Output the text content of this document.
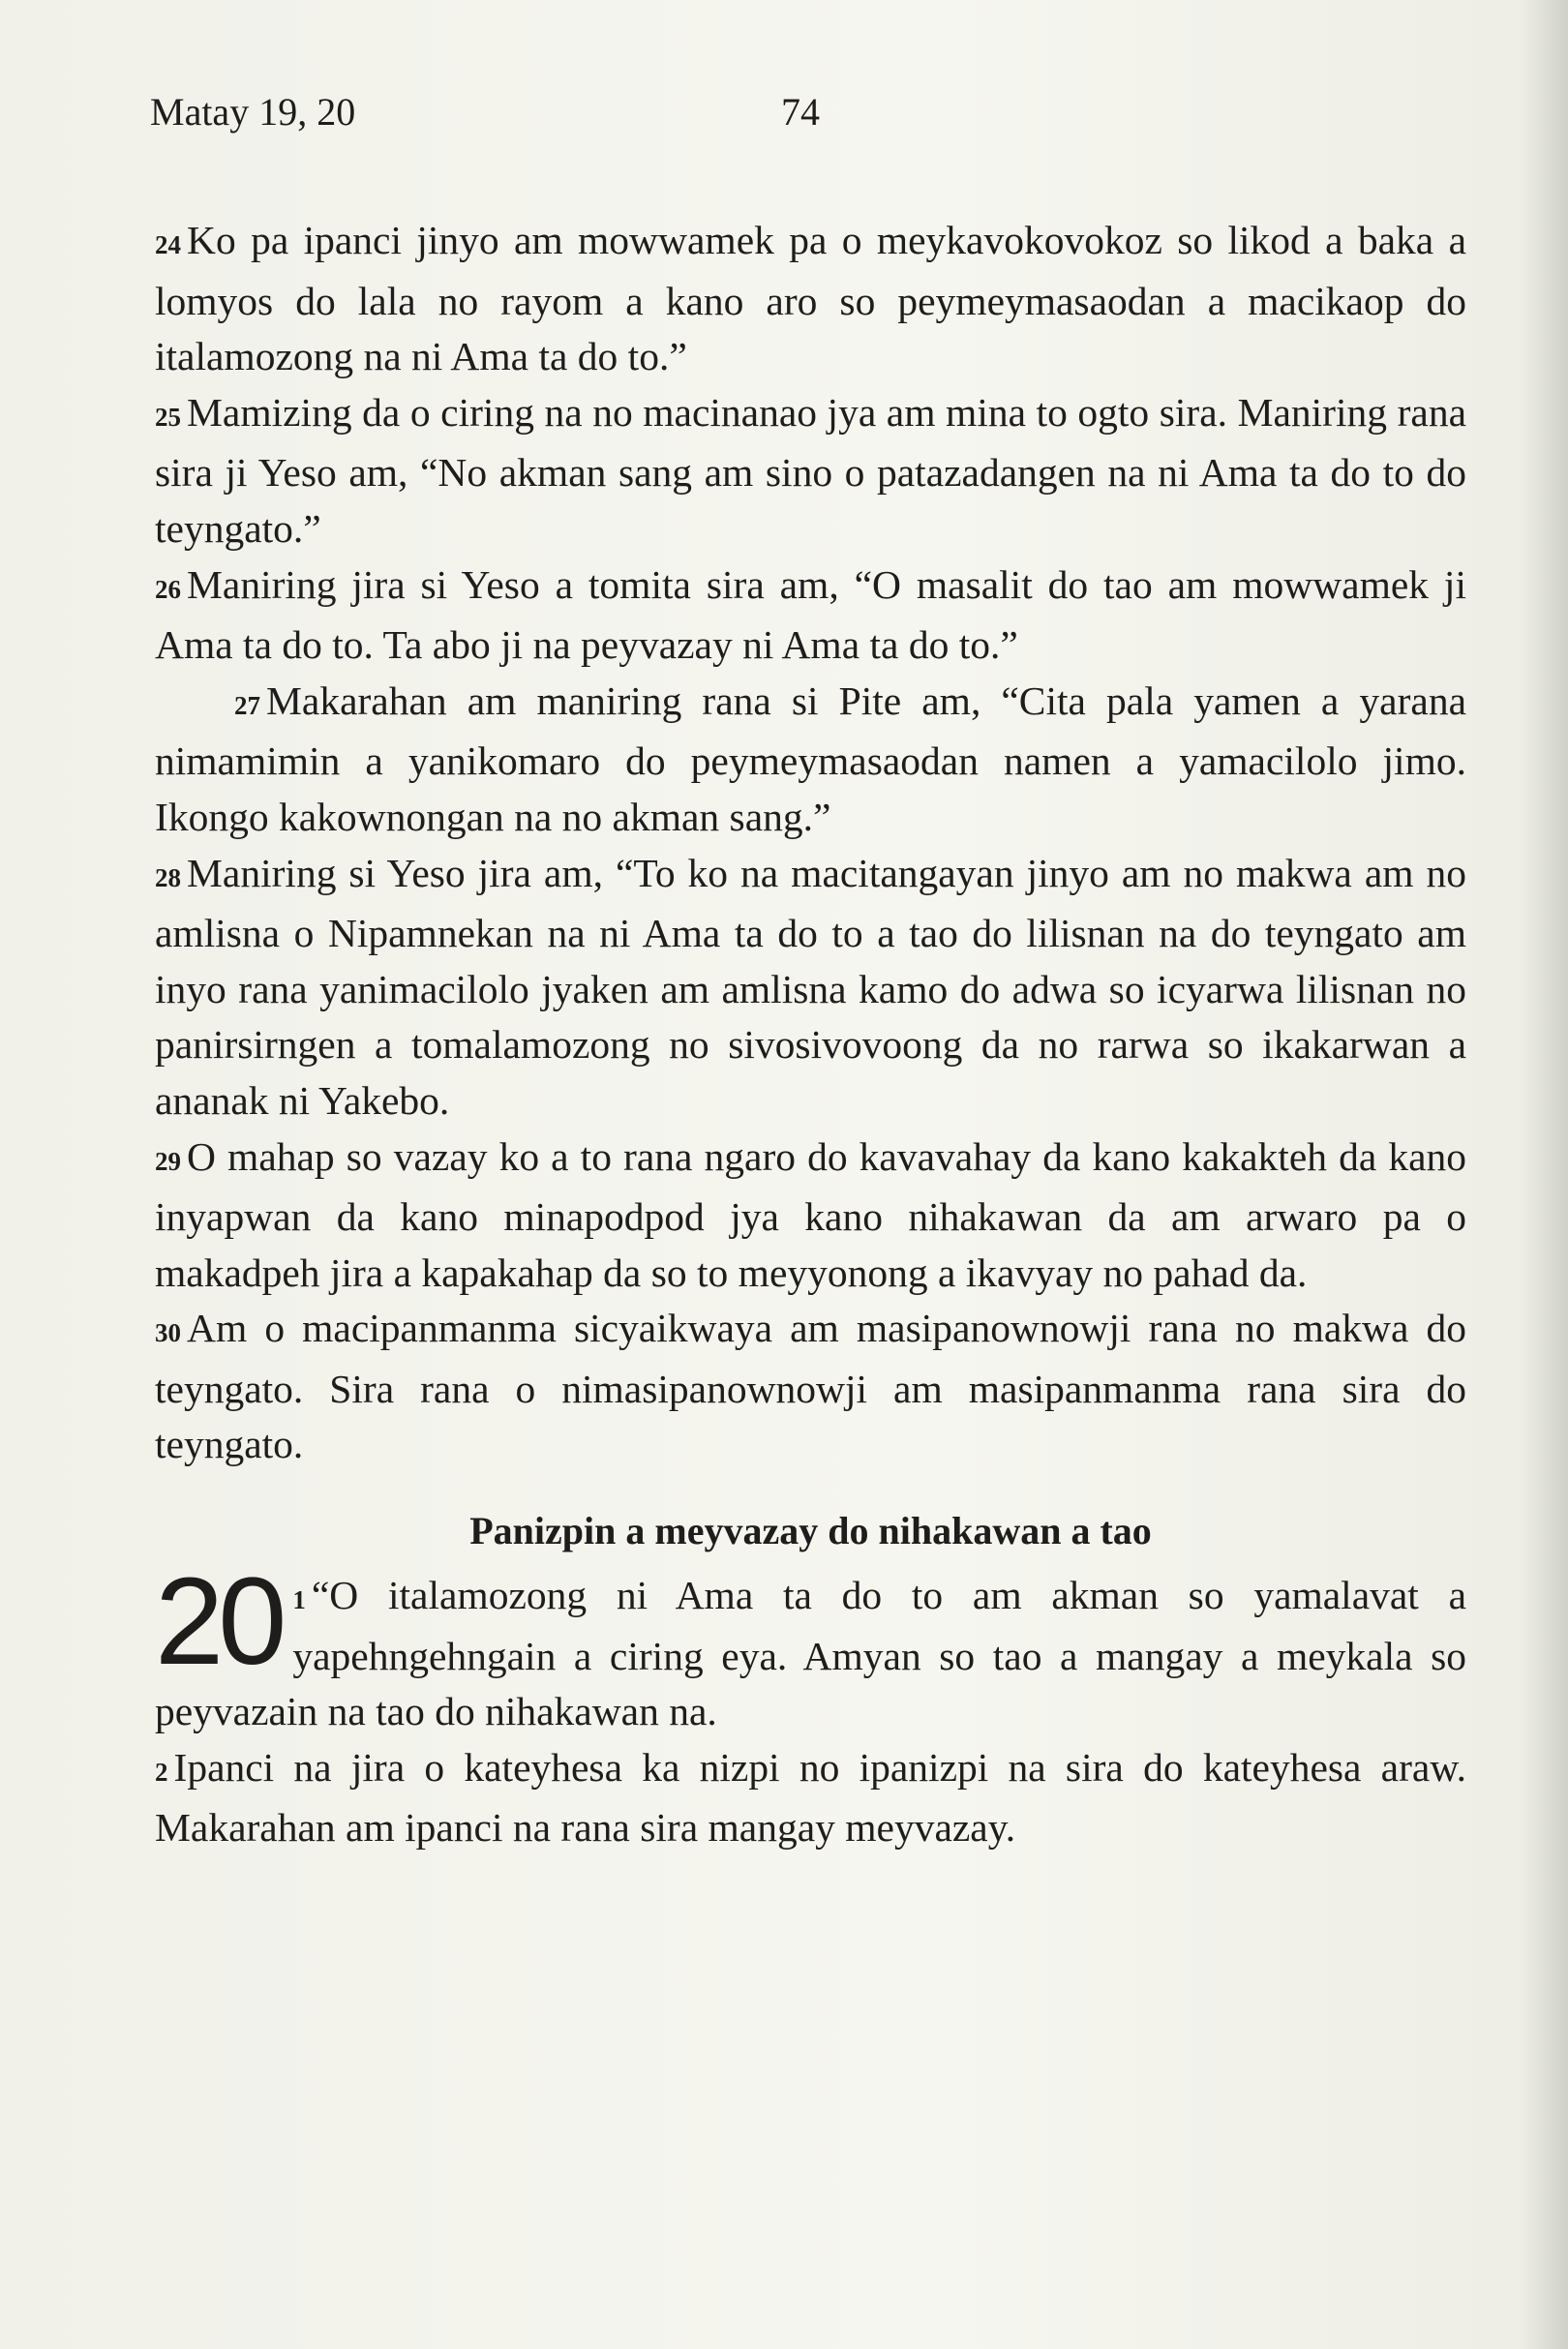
Matay 19, 20	74

24 Ko pa ipanci jinyo am mowwamek pa o meykavokovokoz so likod a baka a lomyos do lala no rayom a kano aro so peymeymasaodan a macikaop do italamozong na ni Ama ta do to.”

25 Mamizing da o ciring na no macinanao jya am mina to ogto sira. Maniring rana sira ji Yeso am, “No akman sang am sino o patazadangen na ni Ama ta do to do teyngato.”

26 Maniring jira si Yeso a tomita sira am, “O masalit do tao am mowwamek ji Ama ta do to. Ta abo ji na peyvazay ni Ama ta do to.”

27 Makarahan am maniring rana si Pite am, “Cita pala yamen a yarana nimamimin a yanikomaro do peymeymasaodan namen a yamacilolo jimo. Ikongo kakownongan na no akman sang.”

28 Maniring si Yeso jira am, “To ko na macitangayan jinyo am no makwa am no amlisna o Nipamnekan na ni Ama ta do to a tao do lilisnan na do teyngato am inyo rana yanimacilolo jyaken am amlisna kamo do adwa so icyarwa lilisnan no panirsirngen a tomalamozong no sivosivovoong da no rarwa so ikakarwan a ananak ni Yakebo.

29 O mahap so vazay ko a to rana ngaro do kavavahay da kano kakakteh da kano inyapwan da kano minapodpod jya kano nihakawan da am arwaro pa o makadpeh jira a kapakahap da so to meyyonong a ikavyay no pahad da.

30 Am o macipanmanma sicyaikwaya am masipanownowji rana no makwa do teyngato. Sira rana o nimasipanownowji am masipanmanma rana sira do teyngato.

Panizpin a meyvazay do nihakawan a tao

20 1 “O italamozong ni Ama ta do to am akman so yamalavat a yapehngehngain a ciring eya. Amyan so tao a mangay a meykala so peyvazain na tao do nihakawan na.

2 Ipanci na jira o kateyhesa ka nizpi no ipanizpi na sira do kateyhesa araw. Makarahan am ipanci na rana sira mangay meyvazay.
